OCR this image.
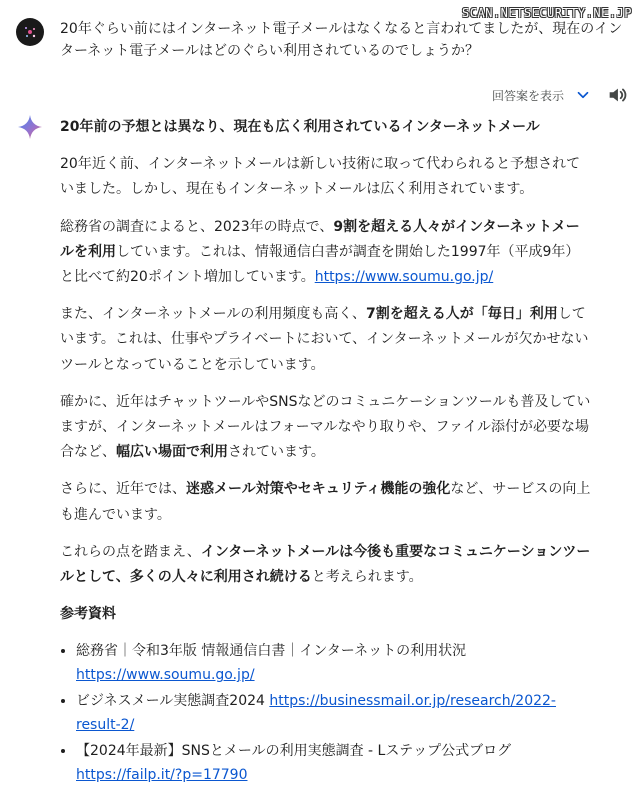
SCAN.NETSECURITY.NE.JP
20年ぐらい前にはインターネット電子メールはなくなると言われてましたが、現在のインターネット電子メールはどのぐらい利用されているのでしょうか？
回答案を表示
20年前の予想とは異なり、現在も広く利用されているインターネットメール

20年近く前、インターネットメールは新しい技術に取って代わられると予想されていました。しかし、現在もインターネットメールは広く利用されています。

総務省の調査によると、2023年の時点で、9割を超える人々がインターネットメールを利用しています。これは、情報通信白書が調査を開始した1997年（平成9年）と比べて約20ポイント増加しています。https://www.soumu.go.jp/

また、インターネットメールの利用頻度も高く、7割を超える人が「毎日」利用しています。これは、仕事やプライベートにおいて、インターネットメールが欠かせないツールとなっていることを示しています。

確かに、近年はチャットツールやSNSなどのコミュニケーションツールも普及していますが、インターネットメールはフォーマルなやり取りや、ファイル添付が必要な場合など、幅広い場面で利用されています。

さらに、近年では、迷惑メール対策やセキュリティ機能の強化など、サービスの向上も進んでいます。

これらの点を踏まえ、インターネットメールは今後も重要なコミュニケーションツールとして、多くの人々に利用され続けると考えられます。

参考資料
• 総務省｜令和3年版 情報通信白書｜インターネットの利用状況
https://www.soumu.go.jp/
• ビジネスメール実態調査2024 https://businessmail.or.jp/research/2022-result-2/
• 【2024年最新】SNSとメールの利用実態調査 - Lステップ公式ブログ
https://failp.it/?p=17790
